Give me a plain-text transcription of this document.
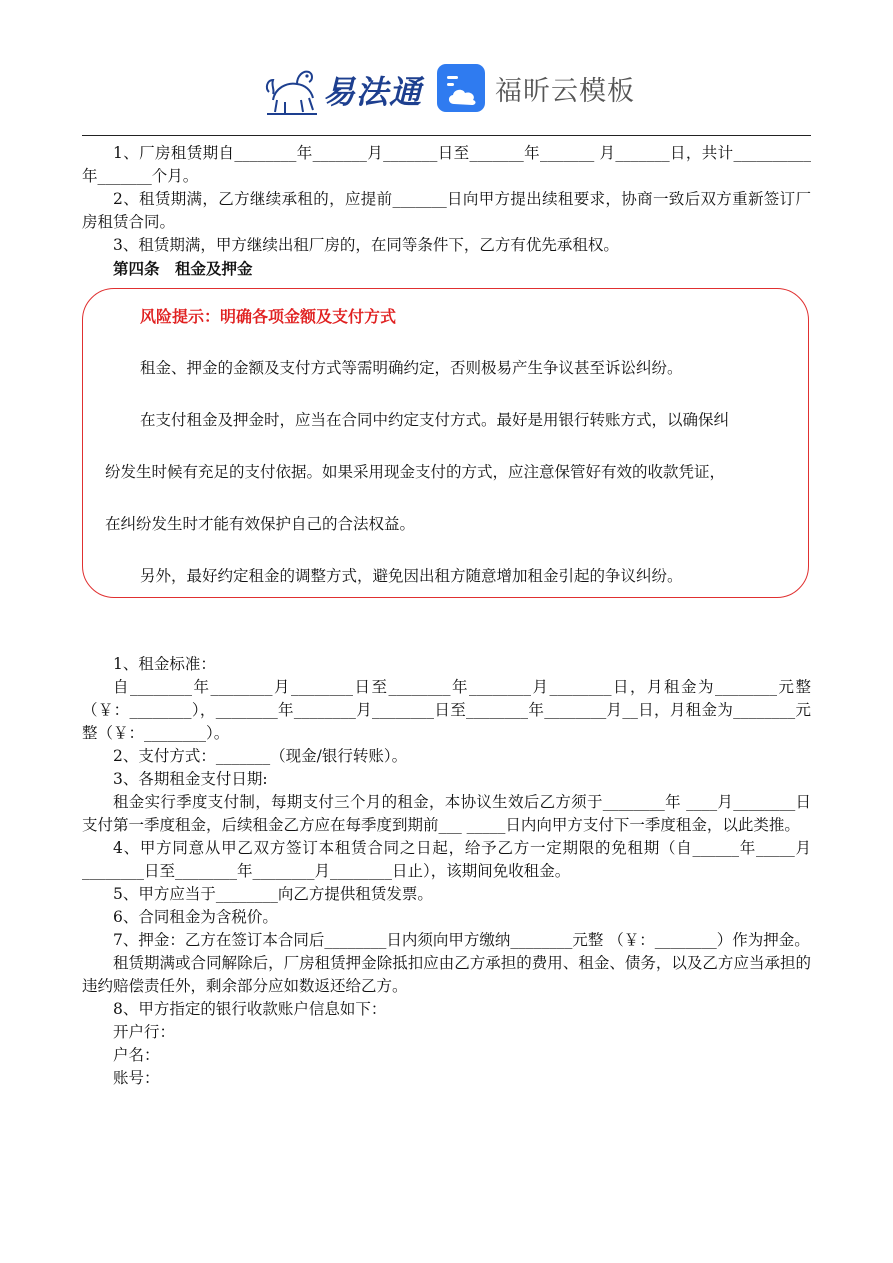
易法通	福昕云模板

1、厂房租赁期自________年_______月_______日至_______年_______ 月_______日，共计__________年_______个月。

2、租赁期满，乙方继续承租的，应提前_______日向甲方提出续租要求，协商一致后双方重新签订厂房租赁合同。

3、租赁期满，甲方继续出租厂房的，在同等条件下，乙方有优先承租权。

第四条　租金及押金

风险提示：明确各项金额及支付方式
租金、押金的金额及支付方式等需明确约定，否则极易产生争议甚至诉讼纠纷。
在支付租金及押金时，应当在合同中约定支付方式。最好是用银行转账方式，以确保纠
纷发生时候有充足的支付依据。如果采用现金支付的方式，应注意保管好有效的收款凭证，
在纠纷发生时才能有效保护自己的合法权益。
另外，最好约定租金的调整方式，避免因出租方随意增加租金引起的争议纠纷。

1、租金标准：

自________年________月________日至________年________月________日，月租金为________元整（￥：________），________年________月________日至________年________月__日，月租金为________元整（￥：________）。

2、支付方式：_______（现金/银行转账）。

3、各期租金支付日期:

租金实行季度支付制，每期支付三个月的租金，本协议生效后乙方须于________年 ____月________日支付第一季度租金，后续租金乙方应在每季度到期前___ _____日内向甲方支付下一季度租金，以此类推。

4、甲方同意从甲乙双方签订本租赁合同之日起，给予乙方一定期限的免租期（自______年_____月________日至________年________月________日止），该期间免收租金。

5、甲方应当于________向乙方提供租赁发票。

6、合同租金为含税价。

7、押金：乙方在签订本合同后________日内须向甲方缴纳________元整 （￥：________）作为押金。

租赁期满或合同解除后，厂房租赁押金除抵扣应由乙方承担的费用、租金、债务，以及乙方应当承担的违约赔偿责任外，剩余部分应如数返还给乙方。

8、甲方指定的银行收款账户信息如下：

开户行：

户名：

账号：
